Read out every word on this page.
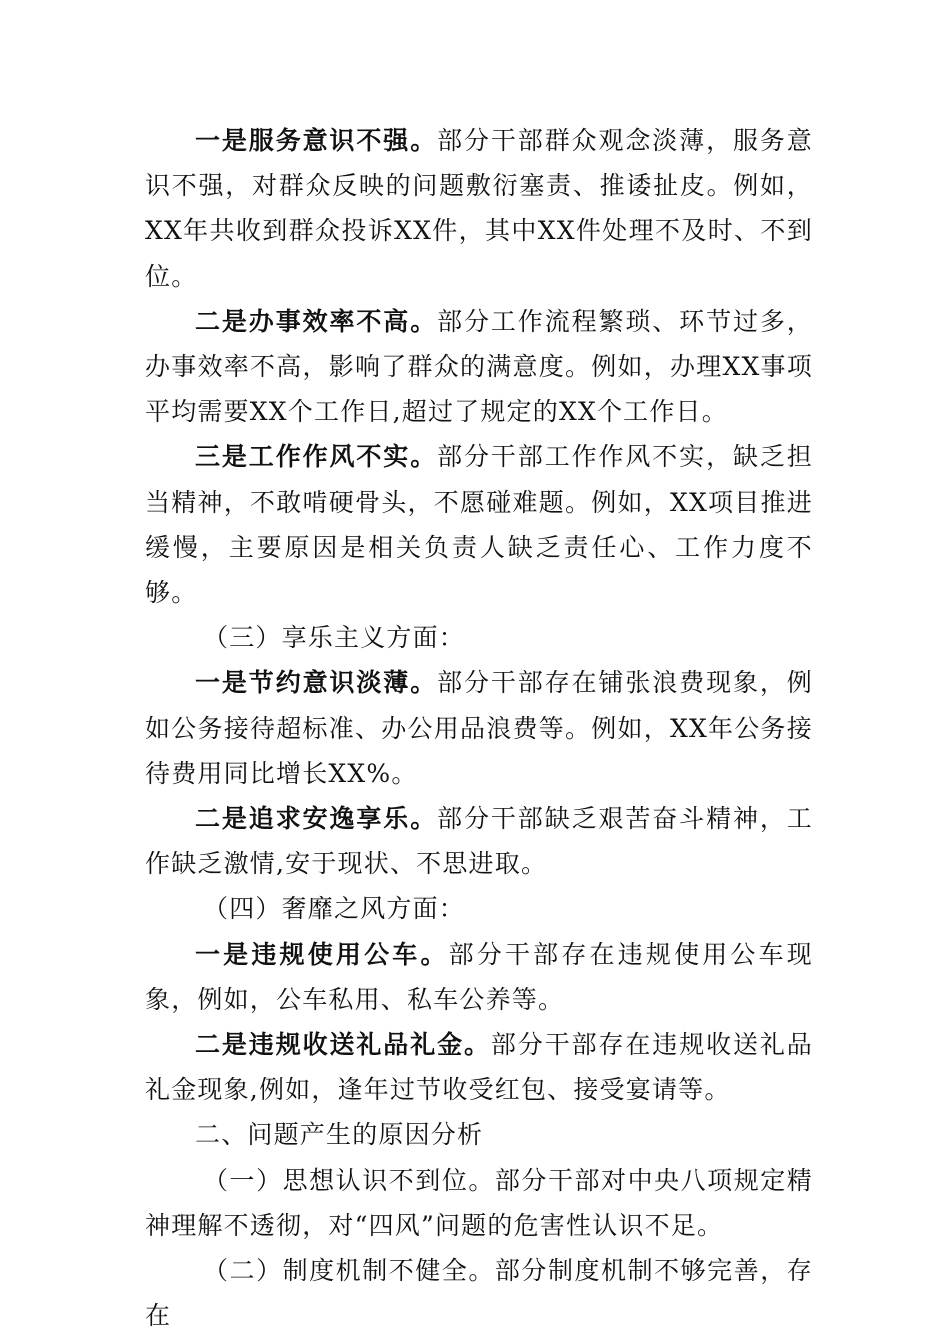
一是服务意识不强。部分干部群众观念淡薄，服务意识不强，对群众反映的问题敷衍塞责、推诿扯皮。例如，XX年共收到群众投诉XX件，其中XX件处理不及时、不到位。

二是办事效率不高。部分工作流程繁琐、环节过多，办事效率不高，影响了群众的满意度。例如，办理XX事项平均需要XX个工作日,超过了规定的XX个工作日。

三是工作作风不实。部分干部工作作风不实，缺乏担当精神，不敢啃硬骨头，不愿碰难题。例如，XX项目推进缓慢，主要原因是相关负责人缺乏责任心、工作力度不够。

（三）享乐主义方面：

一是节约意识淡薄。部分干部存在铺张浪费现象，例如公务接待超标准、办公用品浪费等。例如，XX年公务接待费用同比增长XX%。

二是追求安逸享乐。部分干部缺乏艰苦奋斗精神，工作缺乏激情,安于现状、不思进取。

（四）奢靡之风方面：

一是违规使用公车。部分干部存在违规使用公车现象，例如，公车私用、私车公养等。

二是违规收送礼品礼金。部分干部存在违规收送礼品礼金现象,例如，逢年过节收受红包、接受宴请等。

二、问题产生的原因分析

（一）思想认识不到位。部分干部对中央八项规定精神理解不透彻，对“四风”问题的危害性认识不足。

（二）制度机制不健全。部分制度机制不够完善，存在
